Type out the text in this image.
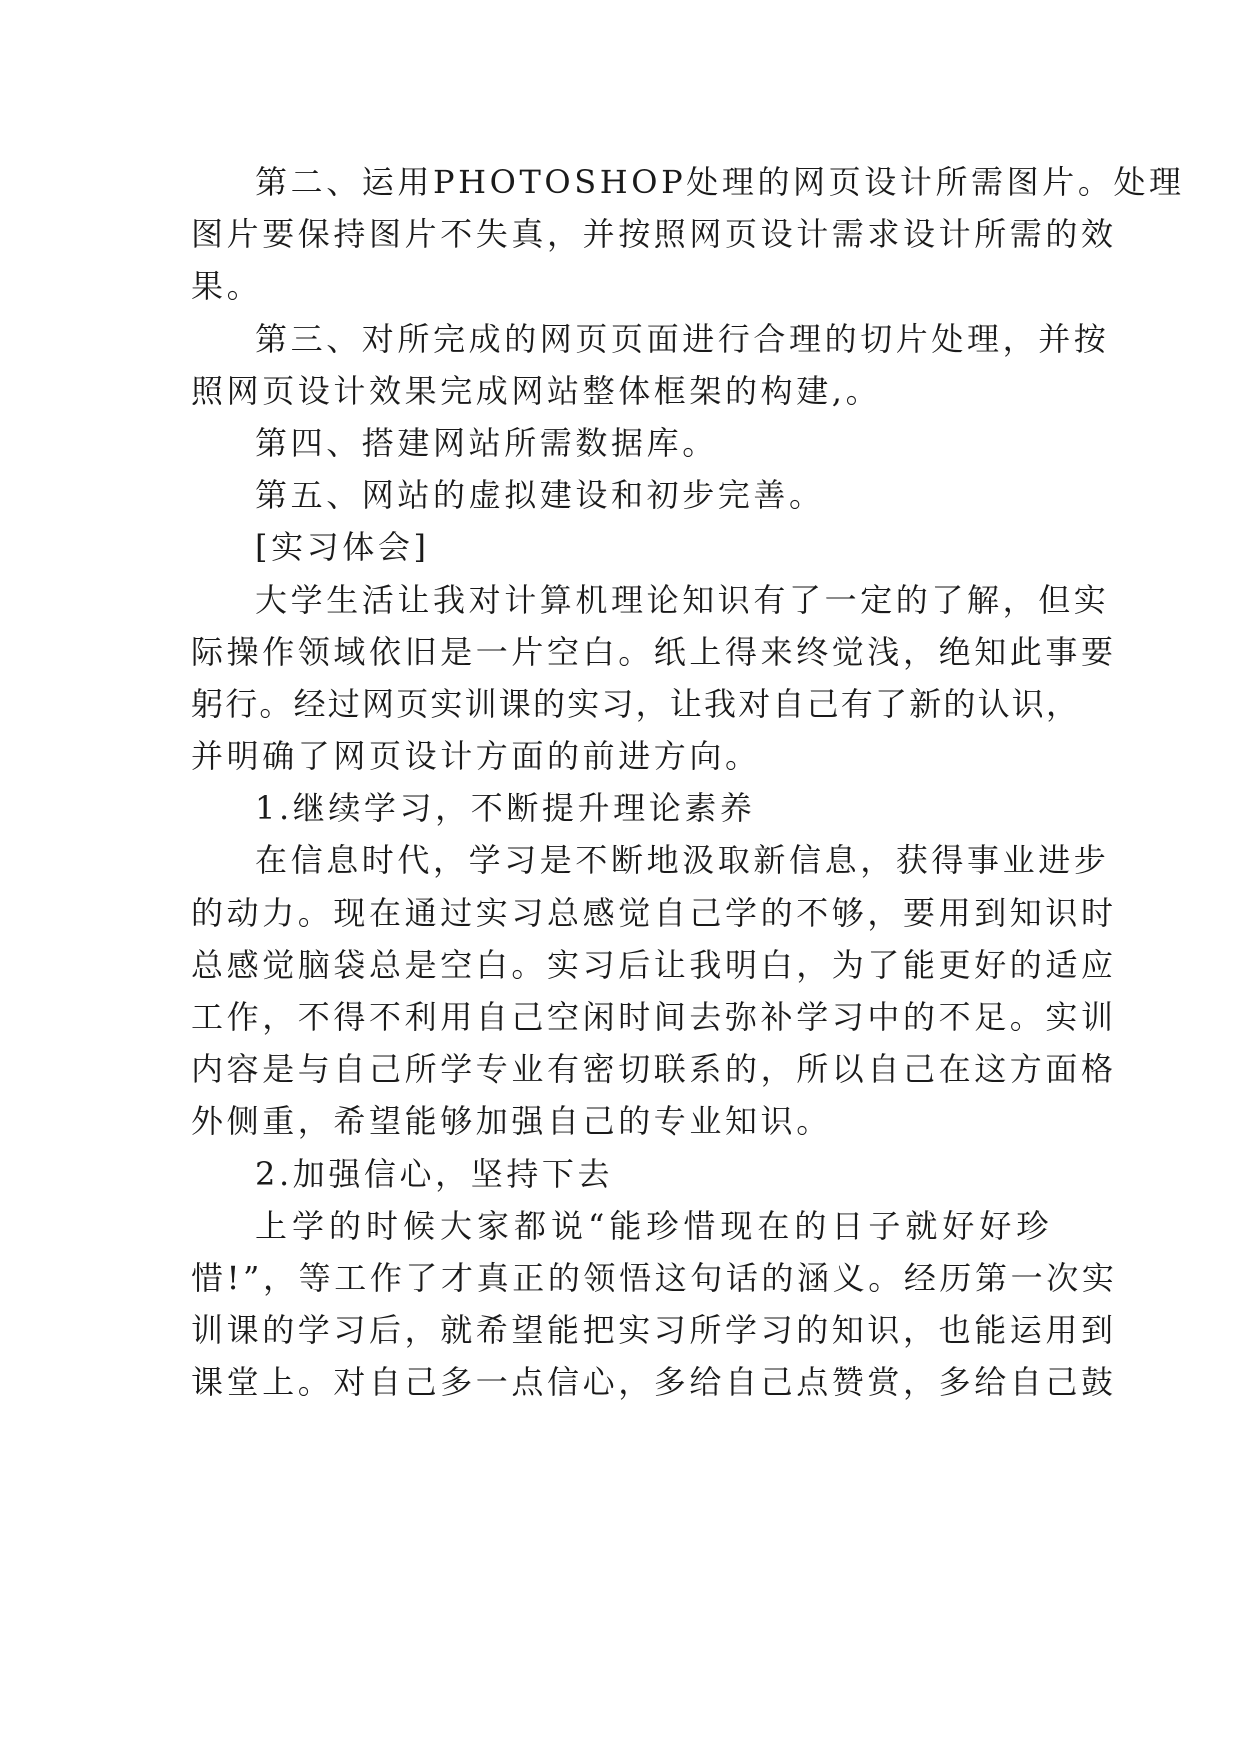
第二、运用PHOTOSHOP处理的网页设计所需图片。处理
图片要保持图片不失真，并按照网页设计需求设计所需的效
果。
第三、对所完成的网页页面进行合理的切片处理，并按
照网页设计效果完成网站整体框架的构建,。
第四、搭建网站所需数据库。
第五、网站的虚拟建设和初步完善。
[实习体会]
大学生活让我对计算机理论知识有了一定的了解，但实
际操作领域依旧是一片空白。纸上得来终觉浅，绝知此事要
躬行。经过网页实训课的实习，让我对自己有了新的认识，
并明确了网页设计方面的前进方向。
1.继续学习，不断提升理论素养
在信息时代，学习是不断地汲取新信息，获得事业进步
的动力。现在通过实习总感觉自己学的不够，要用到知识时
总感觉脑袋总是空白。实习后让我明白，为了能更好的适应
工作，不得不利用自己空闲时间去弥补学习中的不足。实训
内容是与自己所学专业有密切联系的，所以自己在这方面格
外侧重，希望能够加强自己的专业知识。
2.加强信心，坚持下去
上学的时候大家都说“能珍惜现在的日子就好好珍
惜!”，等工作了才真正的领悟这句话的涵义。经历第一次实
训课的学习后，就希望能把实习所学习的知识，也能运用到
课堂上。对自己多一点信心，多给自己点赞赏，多给自己鼓
